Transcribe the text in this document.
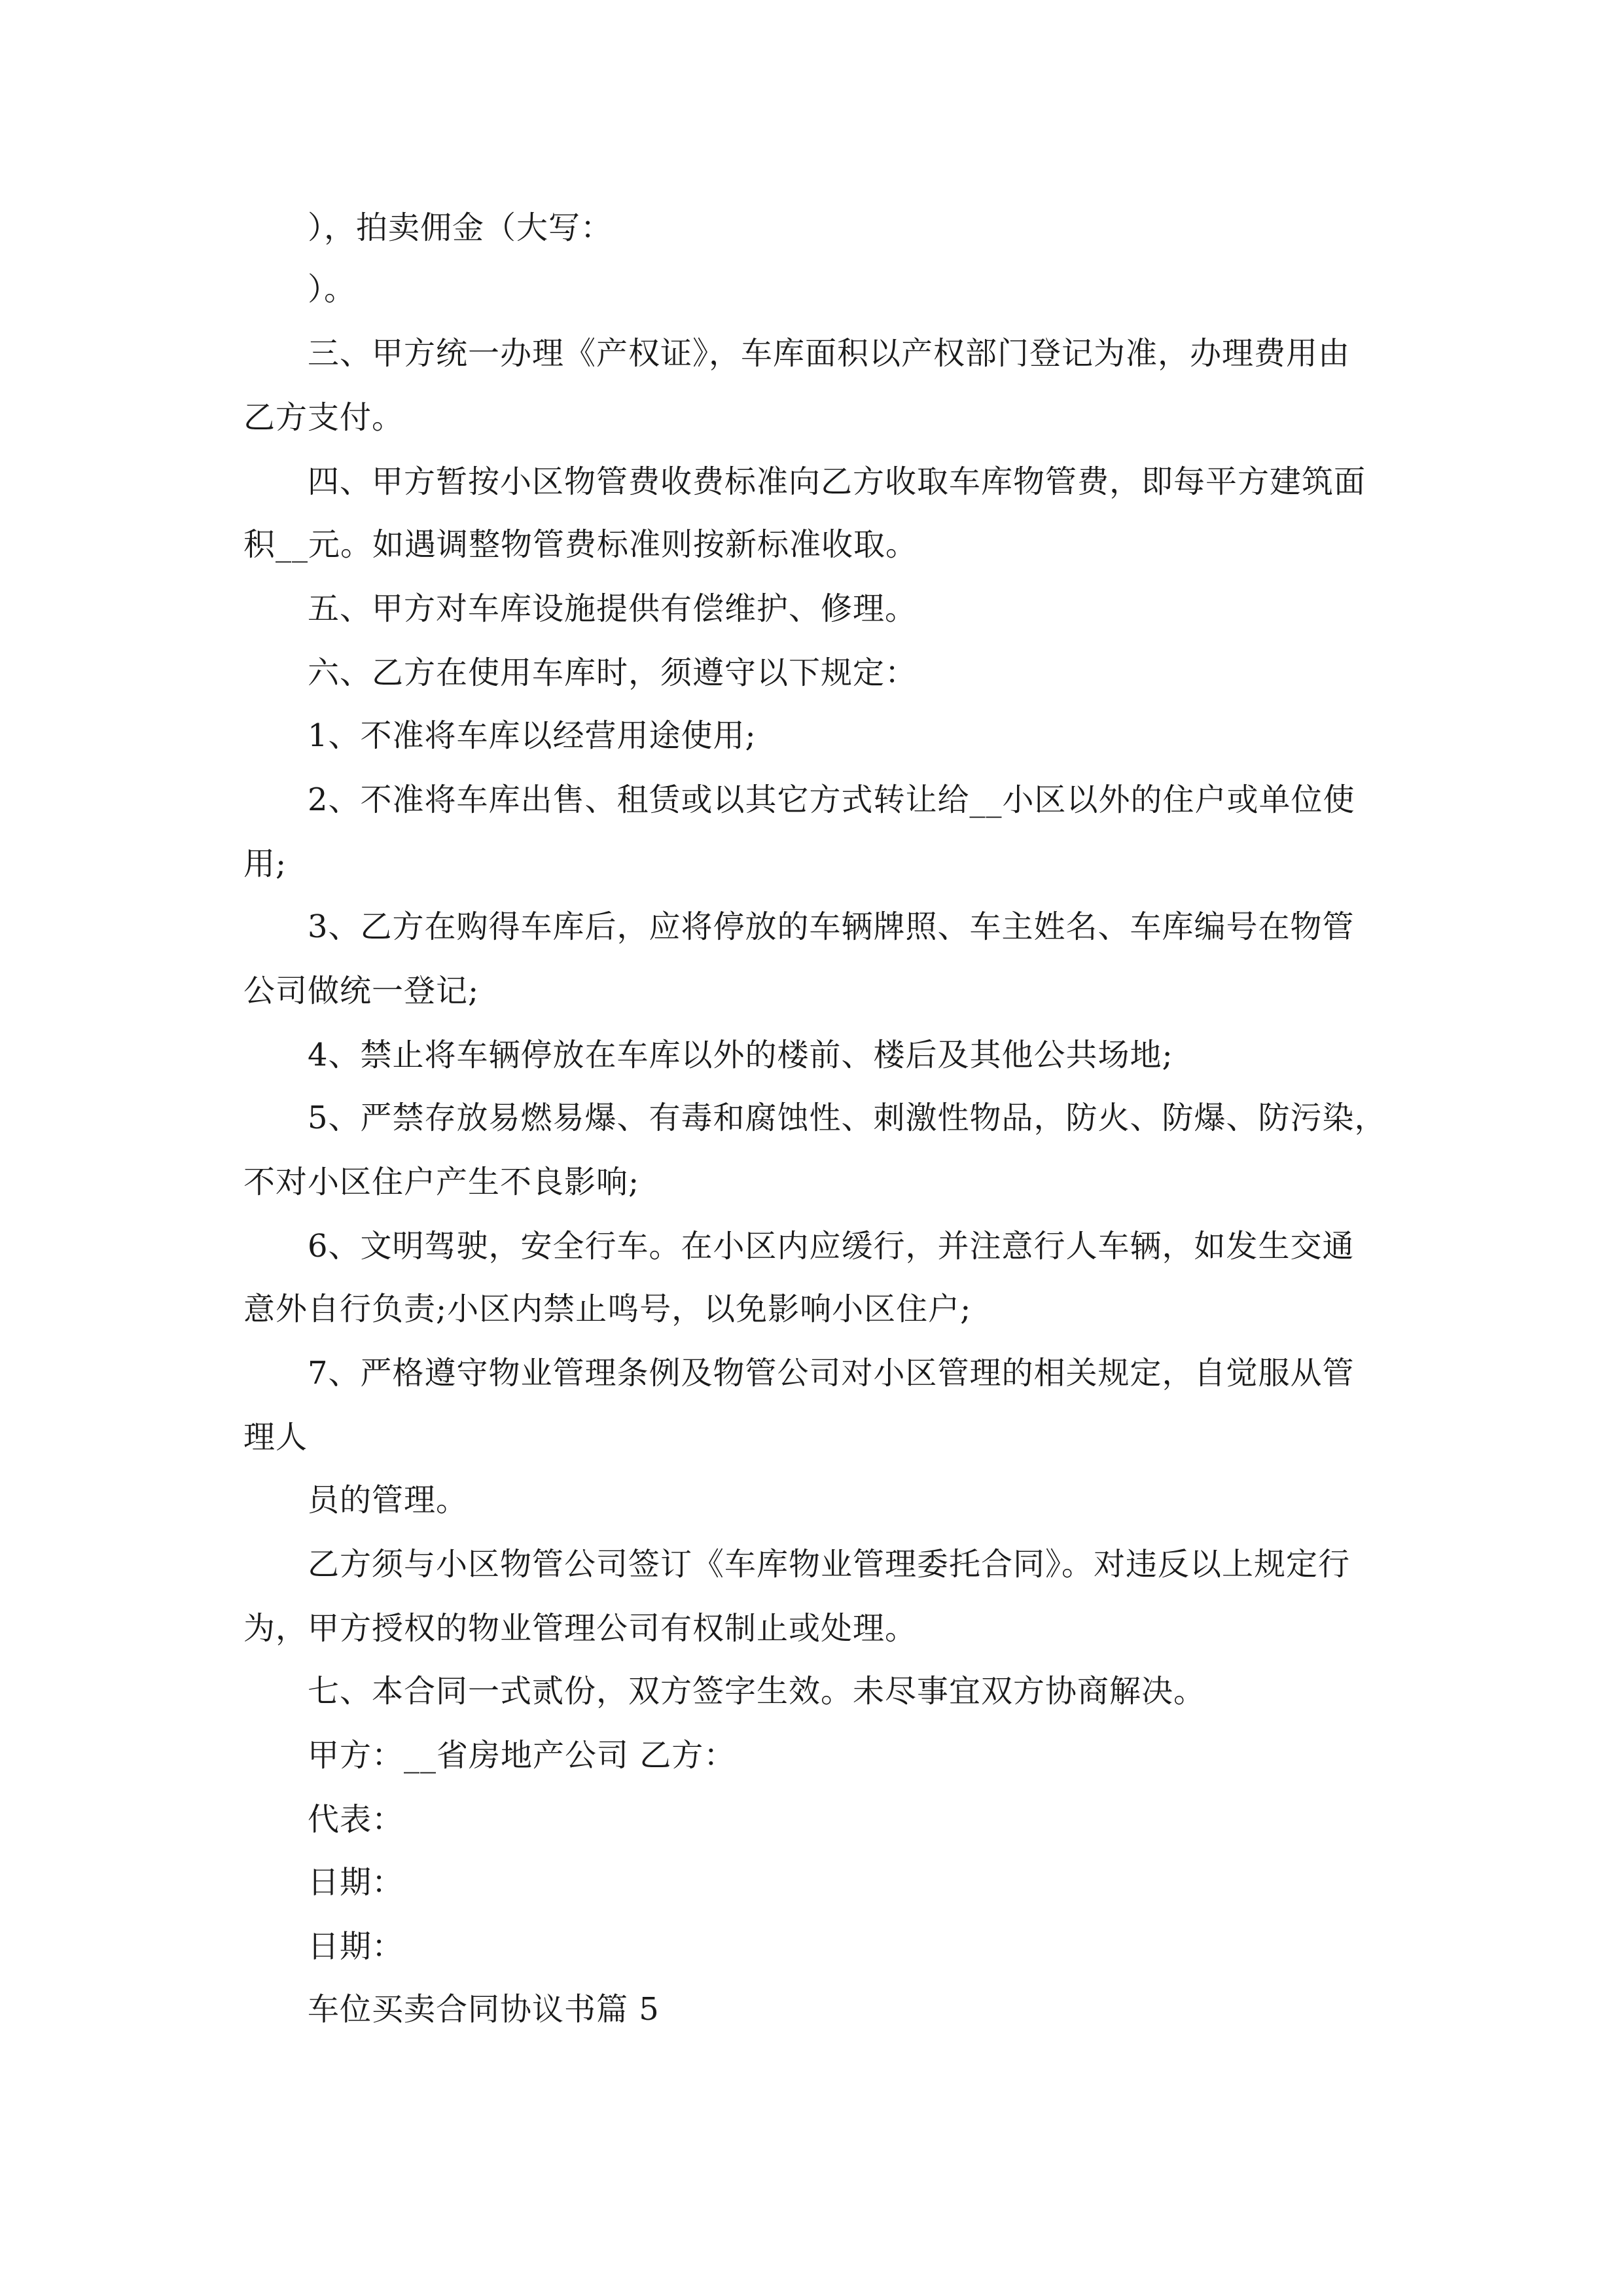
），拍卖佣金（大写：
）。
三、甲方统一办理《产权证》，车库面积以产权部门登记为准，办理费用由
乙方支付。
四、甲方暂按小区物管费收费标准向乙方收取车库物管费，即每平方建筑面
积__元。如遇调整物管费标准则按新标准收取。
五、甲方对车库设施提供有偿维护、修理。
六、乙方在使用车库时，须遵守以下规定：
1、不准将车库以经营用途使用;
2、不准将车库出售、租赁或以其它方式转让给__小区以外的住户或单位使
用;
3、乙方在购得车库后，应将停放的车辆牌照、车主姓名、车库编号在物管
公司做统一登记;
4、禁止将车辆停放在车库以外的楼前、楼后及其他公共场地;
5、严禁存放易燃易爆、有毒和腐蚀性、刺激性物品，防火、防爆、防污染，
不对小区住户产生不良影响;
6、文明驾驶，安全行车。在小区内应缓行，并注意行人车辆，如发生交通
意外自行负责;小区内禁止鸣号，以免影响小区住户;
7、严格遵守物业管理条例及物管公司对小区管理的相关规定，自觉服从管
理人
员的管理。
乙方须与小区物管公司签订《车库物业管理委托合同》。对违反以上规定行
为，甲方授权的物业管理公司有权制止或处理。
七、本合同一式贰份，双方签字生效。未尽事宜双方协商解决。
甲方：__省房地产公司 乙方：
代表：
日期：
日期：
车位买卖合同协议书篇 5
